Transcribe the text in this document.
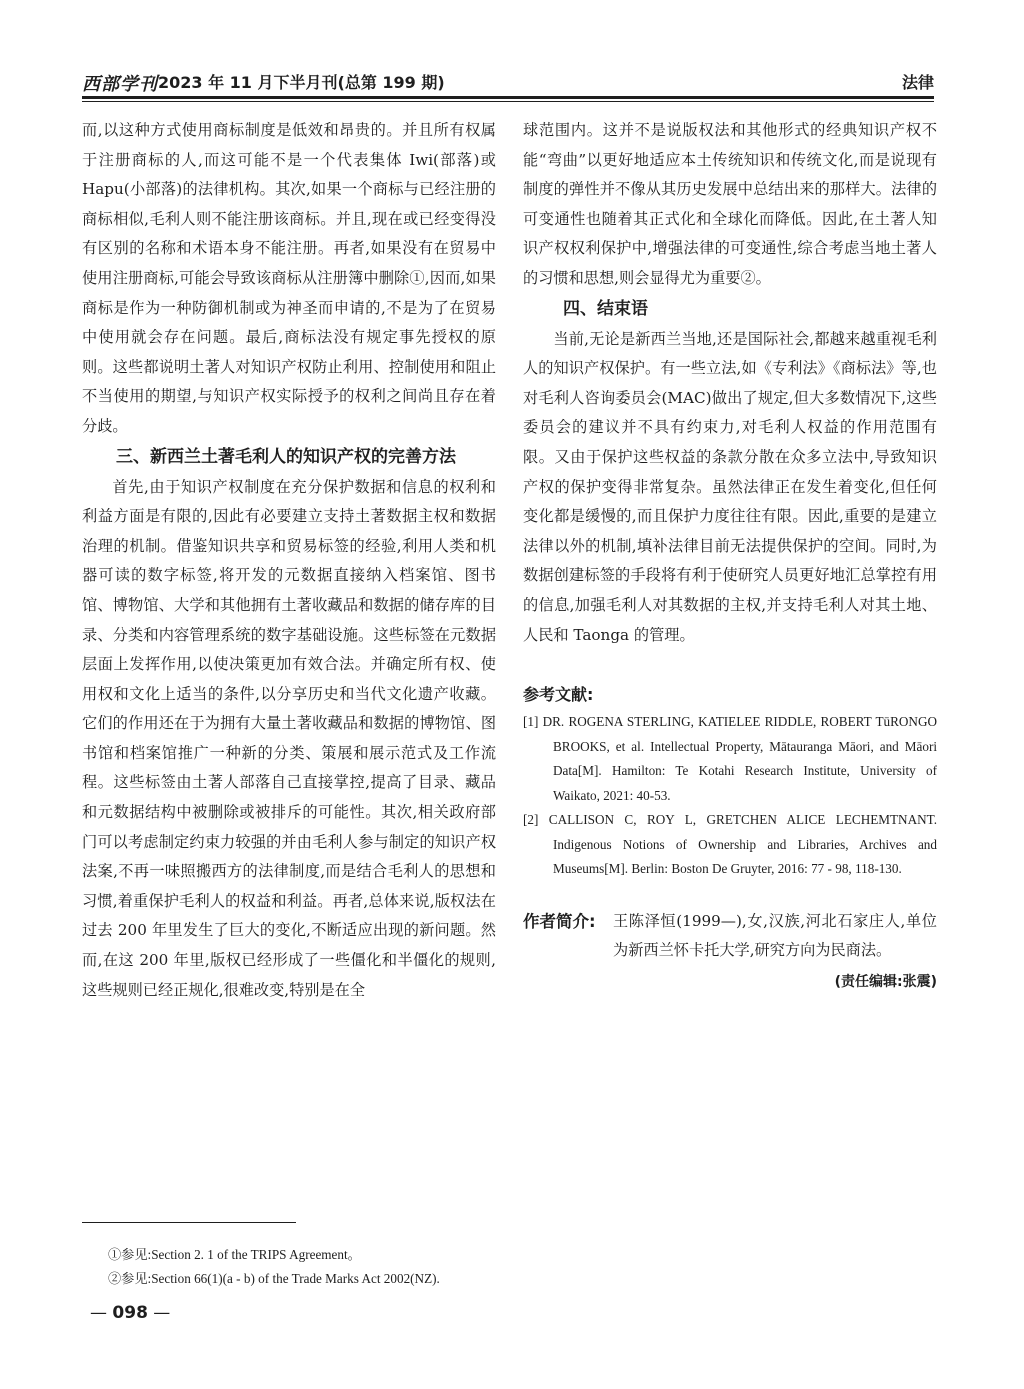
西部学刊 2023 年 11 月下半月刊(总第 199 期)	法律

而,以这种方式使用商标制度是低效和昂贵的。并且所有权属于注册商标的人,而这可能不是一个代表集体 Iwi(部落)或 Hapu(小部落)的法律机构。其次,如果一个商标与已经注册的商标相似,毛利人则不能注册该商标。并且,现在或已经变得没有区别的名称和术语本身不能注册。再者,如果没有在贸易中使用注册商标,可能会导致该商标从注册簿中删除①,因而,如果商标是作为一种防御机制或为神圣而申请的,不是为了在贸易中使用就会存在问题。最后,商标法没有规定事先授权的原则。这些都说明土著人对知识产权防止利用、控制使用和阻止不当使用的期望,与知识产权实际授予的权利之间尚且存在着分歧。

三、新西兰土著毛利人的知识产权的完善方法

首先,由于知识产权制度在充分保护数据和信息的权利和利益方面是有限的,因此有必要建立支持土著数据主权和数据治理的机制。借鉴知识共享和贸易标签的经验,利用人类和机器可读的数字标签,将开发的元数据直接纳入档案馆、图书馆、博物馆、大学和其他拥有土著收藏品和数据的储存库的目录、分类和内容管理系统的数字基础设施。这些标签在元数据层面上发挥作用,以使决策更加有效合法。并确定所有权、使用权和文化上适当的条件,以分享历史和当代文化遗产收藏。它们的作用还在于为拥有大量土著收藏品和数据的博物馆、图书馆和档案馆推广一种新的分类、策展和展示范式及工作流程。这些标签由土著人部落自己直接掌控,提高了目录、藏品和元数据结构中被删除或被排斥的可能性。其次,相关政府部门可以考虑制定约束力较强的并由毛利人参与制定的知识产权法案,不再一味照搬西方的法律制度,而是结合毛利人的思想和习惯,着重保护毛利人的权益和利益。再者,总体来说,版权法在过去 200 年里发生了巨大的变化,不断适应出现的新问题。然而,在这 200 年里,版权已经形成了一些僵化和半僵化的规则,这些规则已经正规化,很难改变,特别是在全

球范围内。这并不是说版权法和其他形式的经典知识产权不能“弯曲”以更好地适应本土传统知识和传统文化,而是说现有制度的弹性并不像从其历史发展中总结出来的那样大。法律的可变通性也随着其正式化和全球化而降低。因此,在土著人知识产权权利保护中,增强法律的可变通性,综合考虑当地土著人的习惯和思想,则会显得尤为重要②。

四、结束语

当前,无论是新西兰当地,还是国际社会,都越来越重视毛利人的知识产权保护。有一些立法,如《专利法》《商标法》等,也对毛利人咨询委员会(MAC)做出了规定,但大多数情况下,这些委员会的建议并不具有约束力,对毛利人权益的作用范围有限。又由于保护这些权益的条款分散在众多立法中,导致知识产权的保护变得非常复杂。虽然法律正在发生着变化,但任何变化都是缓慢的,而且保护力度往往有限。因此,重要的是建立法律以外的机制,填补法律目前无法提供保护的空间。同时,为数据创建标签的手段将有利于使研究人员更好地汇总掌控有用的信息,加强毛利人对其数据的主权,并支持毛利人对其土地、人民和 Taonga 的管理。

参考文献:

[1] DR. ROGENA STERLING, KATIELEE RIDDLE, ROBERT TūRONGO BROOKS, et al. Intellectual Property, Mātauranga Māori, and Māori Data[M]. Hamilton: Te Kotahi Research Institute, University of Waikato, 2021: 40-53.

[2] CALLISON C, ROY L, GRETCHEN ALICE LECHEMTNANT. Indigenous Notions of Ownership and Libraries, Archives and Museums[M]. Berlin: Boston De Gruyter, 2016: 77 - 98, 118-130.

作者简介:	王陈泽恒(1999—),女,汉族,河北石家庄人,单位为新西兰怀卡托大学,研究方向为民商法。

(责任编辑:张震)

①参见:Section 2. 1 of the TRIPS Agreement。
②参见:Section 66(1)(a - b) of the Trade Marks Act 2002(NZ).
— 098 —
